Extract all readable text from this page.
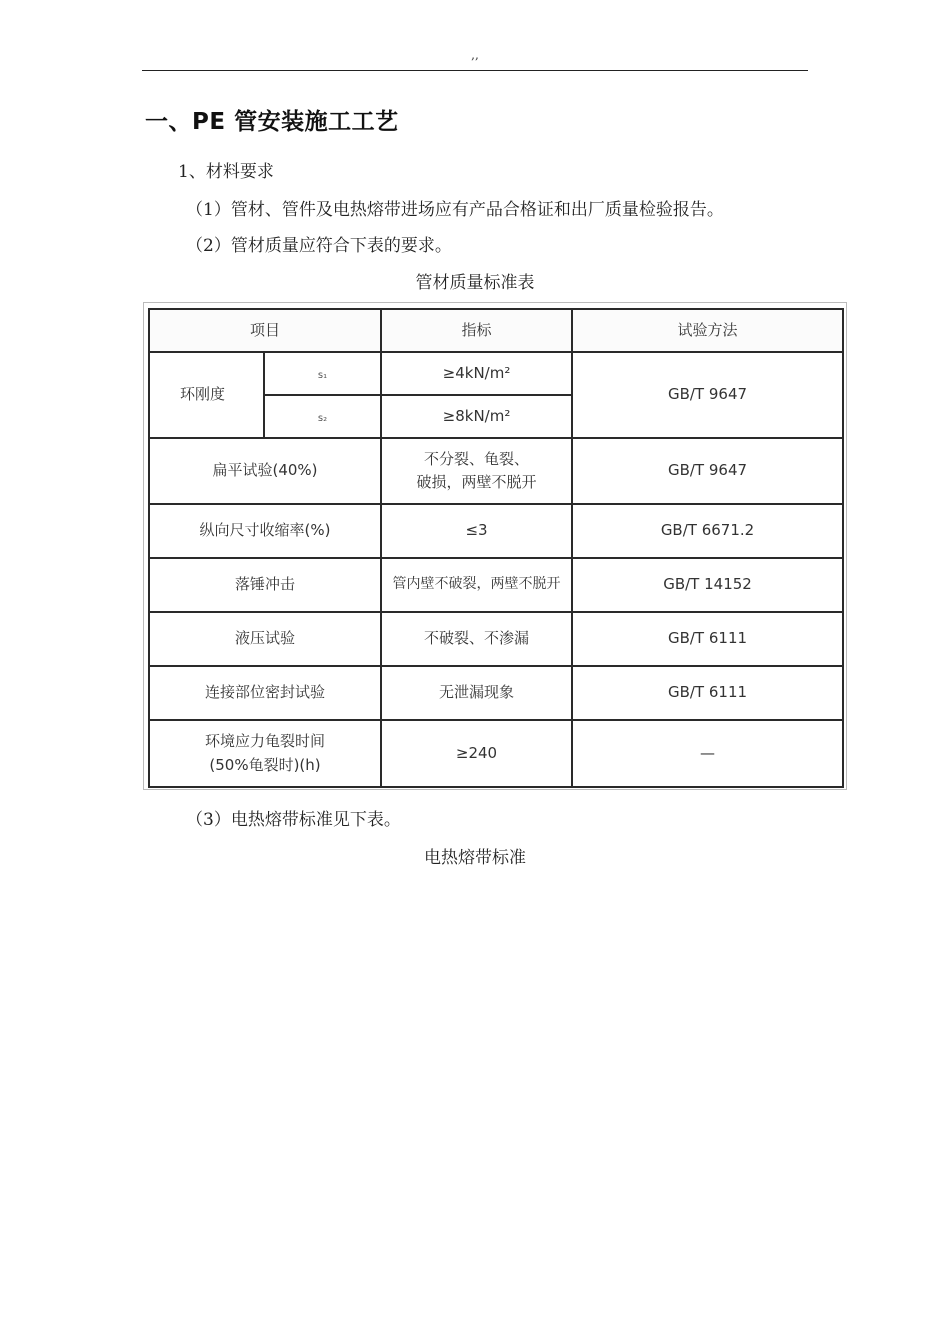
,,
一、PE 管安装施工工艺
1、材料要求
（1）管材、管件及电热熔带进场应有产品合格证和出厂质量检验报告。
（2）管材质量应符合下表的要求。
管材质量标准表
项目		指标	试验方法
环刚度	s₁	≥4kN/m²	GB/T 9647
	s₂	≥8kN/m²	

扁平试验(40%)		不分裂、龟裂、
破损，两壁不脱开	GB/T 9647
纵向尺寸收缩率(%)		≤3	GB/T 6671.2
落锤冲击		管内壁不破裂，两壁不脱开	GB/T 14152
液压试验		不破裂、不渗漏	GB/T 6111
连接部位密封试验		无泄漏现象	GB/T 6111

环境应力龟裂时间
(50%龟裂时)(h)		≥240	—
（3）电热熔带标准见下表。
电热熔带标准
